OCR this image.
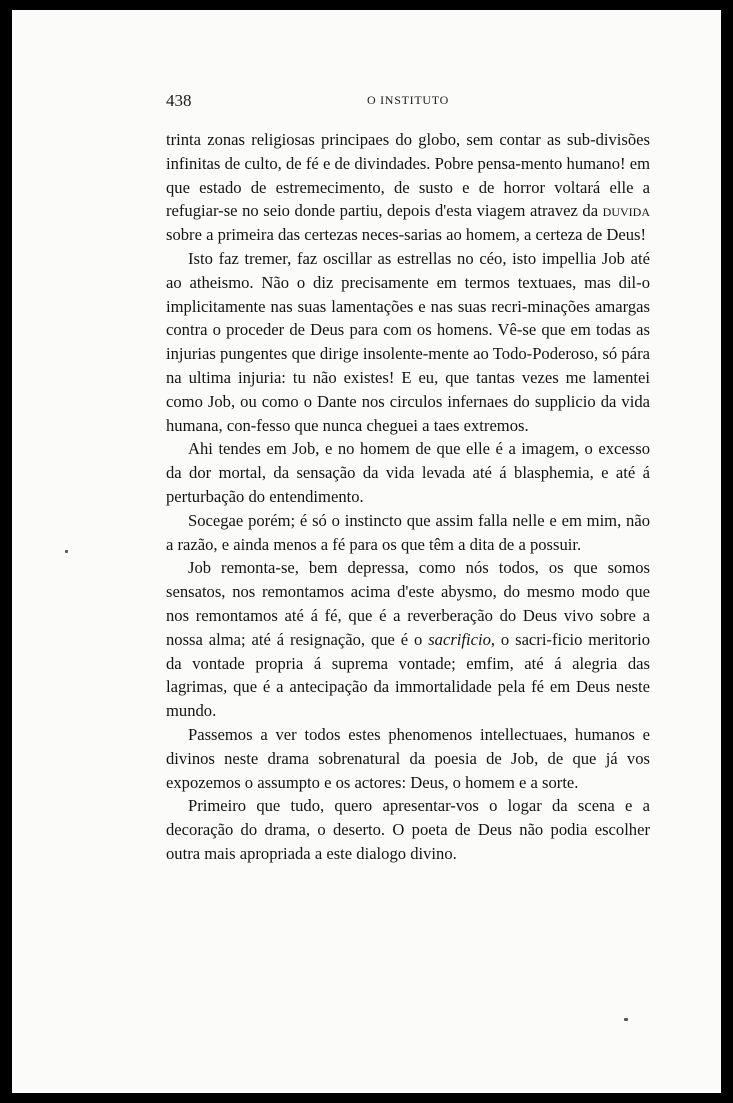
438	O INSTITUTO

trinta zonas religiosas principaes do globo, sem contar as sub-divisões infinitas de culto, de fé e de divindades. Pobre pensa-mento humano! em que estado de estremecimento, de susto e de horror voltará elle a refugiar-se no seio donde partiu, depois d'esta viagem atravez da duvida sobre a primeira das certezas neces-sarias ao homem, a certeza de Deus!

Isto faz tremer, faz oscillar as estrellas no céo, isto impellia Job até ao atheismo. Não o diz precisamente em termos textuaes, mas dil-o implicitamente nas suas lamentações e nas suas recri-minações amargas contra o proceder de Deus para com os homens. Vê-se que em todas as injurias pungentes que dirige insolente-mente ao Todo-Poderoso, só pára na ultima injuria: tu não existes! E eu, que tantas vezes me lamentei como Job, ou como o Dante nos circulos infernaes do supplicio da vida humana, con-fesso que nunca cheguei a taes extremos.

Ahi tendes em Job, e no homem de que elle é a imagem, o excesso da dor mortal, da sensação da vida levada até á blasphemia, e até á perturbação do entendimento.

Socegae porém; é só o instincto que assim falla nelle e em mim, não a razão, e ainda menos a fé para os que têm a dita de a possuir.

Job remonta-se, bem depressa, como nós todos, os que somos sensatos, nos remontamos acima d'este abysmo, do mesmo modo que nos remontamos até á fé, que é a reverberação do Deus vivo sobre a nossa alma; até á resignação, que é o sacrificio, o sacri-ficio meritorio da vontade propria á suprema vontade; emfim, até á alegria das lagrimas, que é a antecipação da immortalidade pela fé em Deus neste mundo.

Passemos a ver todos estes phenomenos intellectuaes, humanos e divinos neste drama sobrenatural da poesia de Job, de que já vos expozemos o assumpto e os actores: Deus, o homem e a sorte.

Primeiro que tudo, quero apresentar-vos o logar da scena e a decoração do drama, o deserto. O poeta de Deus não podia escolher outra mais apropriada a este dialogo divino.
